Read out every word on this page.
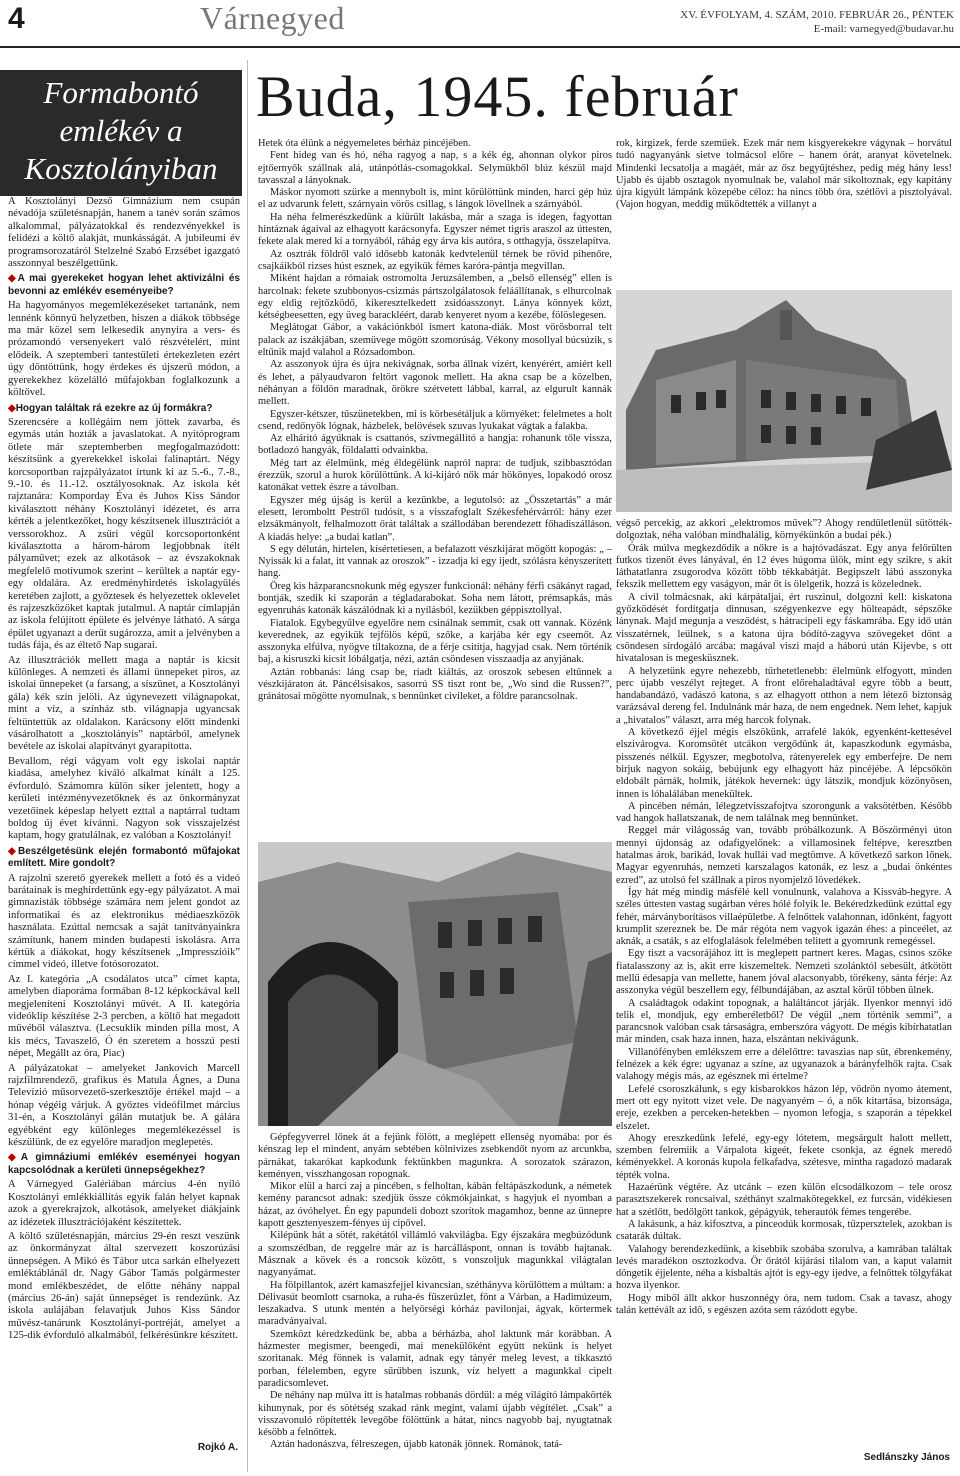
4	Várnegyed	XV. ÉVFOLYAM, 4. SZÁM, 2010. FEBRUÁR 26., PÉNTEK
E-mail: varnegyed@budavar.hu
Formabontó
emlékév a
Kosztolányiban

A Kosztolányi Dezső Gimnázium nem csupán névadója születésnapján, hanem a tanév során számos alkalommal, pályázatokkal és rendezvényekkel is felidézi a költő alakját, munkásságát. A jubileumi év programsorozatáról Stelzelné Szabó Erzsébet igazgató asszonnyal beszélgettünk.

◆ A mai gyerekeket hogyan lehet aktivizálni és bevonni az emlékév eseményeibe?

Ha hagyományos megemlékezéseket tartanánk, nem lennénk könnyű helyzetben, hiszen a diákok többsége ma már közel sem lelkesedik anynyira a vers- és prózamondó versenyekert való részvételért, mint elődeik. A szeptemberi tantestületi értekezleten ezért úgy döntöttünk, hogy érdekes és újszerű módon, a gyerekekhez közelálló műfajokban foglalkozunk a költővel.

◆ Hogyan találtak rá ezekre az új formákra?

Szerencsére a kollégáim nem jöttek zavarba, és egymás után hozták a javaslatokat. A nyitóprogram ötlete már szeptemberben megfogalmazódott: készítsünk a gyerekekkel iskolai falinaptárt. Négy korcsoportban rajzpályázatot írtunk ki az 5.-6., 7.-8., 9.-10. és 11.-12. osztályosoknak. Az iskola két rajztanára: Komporday Éva és Juhos Kiss Sándor kiválasztott néhány Kosztolányi idézetet, és arra kérték a jelentkezőket, hogy készítsenek illusztrációt a verssorokhoz. A zsűri végül korcsoportonként kiválasztotta a három-három legjobbnak ítélt pályaművet; ezek az alkotások – az évszakoknak megfelelő motívumok szerint – kerültek a naptár egy-egy oldalára. Az eredményhirdetés iskolagyűlés keretében zajlott, a győztesek és helyezettek oklevelet és rajzeszközöket kaptak jutalmul. A naptár címlapján az iskola felújított épülete és jelvénye látható. A sárga épület ugyanazt a derűt sugározza, amit a jelvényben a tudás fája, és az éltető Nap sugarai.

Az illusztrációk mellett maga a naptár is kicsit különleges. A nemzeti és állami ünnepeket piros, az iskolai ünnepeket (a farsang, a síszünet, a Kosztolányi gála) kék szín jelöli. Az úgynevezett világnapokat, mint a víz, a színház stb. világnapja ugyancsak feltüntettük az oldalakon. Karácsony előtt mindenki vásárolhatott a „kosztolányis” naptárból, amelynek bevétele az iskolai alapítványt gyarapította.

Bevallom, régi vágyam volt egy iskolai naptár kiadása, amelyhez kiváló alkalmat kínált a 125. évforduló. Számomra külön siker jelentett, hogy a kerületi intézményvezetőknek és az önkormányzat vezetőinek képeslap helyett ezttal a naptárral tudtam boldog új évet kívánni. Nagyon sok visszajelzést kaptam, hogy gratulálnak, ez valóban a Kosztolányi!

◆ Beszélgetésünk elején formabontó műfajokat említett. Mire gondolt?

A rajzolni szerető gyerekek mellett a fotó és a videó barátainak is meghirdettünk egy-egy pályázatot. A mai gimnazisták többsége számára nem jelent gondot az informatikai és az elektronikus médiaeszközök használata. Ezúttal nemcsak a saját tanítványainkra számítunk, hanem minden budapesti iskolásra. Arra kértük a diákokat, hogy készítsenek „Impresszióik” címmel videó, illetve fotósorozatot.

Az I. kategória „A csodálatos utca” címet kapta, amelyben diaporáma formában 8-12 képkockával kell megjeleníteni Kosztolányi művét. A II. kategória videóklip készítése 2-3 percben, a költő hat megadott művéből választva. (Lecsuklik minden pilla most, A kis mécs, Tavaszelő, Ó én szeretem a hosszú pesti népet, Megállt az óra, Piac)

A pályázatokat – amelyeket Jankovich Marcell rajzfilmrendező, grafikus és Matula Ágnes, a Duna Televízió műsorvezető-szerkesztője értékel majd – a hónap végéig várjuk. A győztes videófilmet március 31-én, a Kosztolányi gálán mutatjuk be. A gálára egyébként egy különleges megemlékezéssel is készülünk, de ez egyelőre maradjon meglepetés.

◆ A gimnáziumi emlékév eseményei hogyan kapcsolódnak a kerületi ünnepségekhez?

A Várnegyed Galériában március 4-én nyíló Kosztolányi emlékkiállítás egyik falán helyet kapnak azok a gyerekrajzok, alkotások, amelyeket diákjaink az idézetek illusztrációjaként készítettek.

A költő születésnapján, március 29-én reszt veszünk az önkormányzat által szervezett koszorúzási ünnepségen. A Mikó és Tábor utca sarkán elhelyezett emléktáblánál dr. Nagy Gábor Tamás polgármester mond emlékbeszédet, de előtte néhány nappal (március 26-án) saját ünnepséget is rendezünk. Az iskola aulájában felavatjuk Juhos Kiss Sándor művész-tanárunk Kosztolányi-portréját, amelyet a 125-dik évforduló alkalmából, felkérésünkre készített.

Rojkó A.
Buda, 1945. február

Hetek óta élünk a négyemeletes bérház pincéjében.

Fent hideg van és hó, néha ragyog a nap, s a kék ég, ahonnan olykor piros ejtőernyők szállnak alá, utánpótlás-csomagokkal. Selymükből blúz készül majd tavasszal a lányoknak.

Máskor nyomott szürke a mennybolt is, mint körülöttünk minden, harci gép húz el az udvarunk felett, szárnyain vörös csillag, s lángok lövellnek a szárnyából.

Ha néha felmerészkedünk a kiürült lakásba, már a szaga is idegen, fagyottan hintáznak ágaival az elhagyott karácsonyfa. Egyszer német tigris araszol az úttesten, fekete alak mered ki a tornyából, ráhág egy árva kis autóra, s otthagyja, összelapítva.

Az osztrák földről való idősebb katonák kedvtelenül térnek be rövid pihenőre, csajkáikból rizses húst esznek, az egyikük fémes karóra-pántja megvillan.

Miként hajdan a rómaiak ostromolta Jeruzsálemben, a „belső ellenség” ellen is harcolnak: fekete szubbonyos-csizmás pártszolgálatosok feláállítanak, s elhurcolnak egy eldig rejtőzködő, kikeresztelkedett zsidóasszonyt. Lánya könnyek közt, kétségbeesetten, egy üveg barackléért, darab kenyeret nyom a kezébe, fölöslegesen.

Meglátogat Gábor, a vakációnkból ismert katona-diák. Most vörösborral telt palack az iszákjában, szemüvege mögött szomorúság. Vékony mosollyal búcsúzik, s eltűnik majd valahol a Rózsadombon.

Az asszonyok újra és újra nekivágnak, sorba állnak vízért, kenyérért, amiért kell és lehet, a pályaudvaron feltört vagonok mellett. Ha akna csap be a közelben, néhányan a földön maradnak, örökre szétvetett lábbal, karral, az elgurult kannák mellett.

Egyszer-kétszer, tűszünetekben, mi is körbesétáljuk a környéket: felelmetes a holt csend, redőnyök lógnak, házbelek, belövések szuvas lyukakat vágtak a falakba.

Az elhárító ágyúknak is csattanós, szívmegállító a hangja: rohanunk tőle vissza, botladozó hangyák, földalatti odvainkba.

Még tart az élelmünk, még éldegélünk napról napra: de tudjuk, szibbasztódan érezzük, szorul a hurok körülöttünk. A ki-kijáró nők már hökönyes, lopakodó orosz katonákat vettek észre a távolban.

Egyszer még újság is kerül a kezünkbe, a legutolsó: az „Összetartás” a már elesett, leromboltt Pestről tudósít, s a visszafoglalt Székesfehérvárról: hány ezer elzsákmányolt, felhalmozott őrát találtak a szállodában berendezett főhadiszálláson. A kiadás helye: „a budai katlan”.

S egy délután, hirtelen, kísértetiesen, a befalazott vészkijárat mögött kopogás: „ – Nyissák ki a falat, itt vannak az oroszok” - izzadja ki egy ijedt, szólásra kényszerített hang.

Öreg kis házparancsnokunk még egyszer funkcionál: néhány férfi csákányt ragad, bontják, szedik ki szaporán a tégladarabokat. Soha nem látott, prémsapkás, más egyenruhás katonák kászálódnak ki a nyílásból, kezükben géppisztollyal.

Fiatalok. Egybegyűlve egyelőre nem csinálnak semmit, csak ott vannak. Közénk keverednek, az egyikük tejfölös képű, szőke, a karjába kér egy cseemőt. Az asszonyka elfúlva, nyögve tiltakozna, de a férje csitítja, hagyjad csak. Nem történik baj, a kisruszki kicsit lóbálgatja, nézi, aztán csöndesen visszaadja az anyjának.

Aztán robbanás: láng csap be, riadt kiáltás, az oroszok sebesen eltűnnek a vészkijáraton át. Páncélsisakos, sasorrú SS tiszt ront be, „Wo sind die Russen?”, gránátosai mögötte nyomulnak, s bennünket civileket, a földre parancsolnak.

rok, kirgizek, ferde szeműek. Ezek már nem kisgyerekekre vágynak – horvátul tudó nagyanyánk sietve tolmácsol előre – hanem órát, aranyat követelnek. Mindenki lecsatolja a magáét, már az ősz begyűjtéshez, pedig még hány less! Ujabb és újabb osztagok nyomulnak be, valahol már sikoltoznak, egy kapitány újra kigyúlt lámpánk közepébe céloz: ha nincs több óra, szétlövi a pisztolyával. (Vajon hogyan, meddig működtették a villanyt a

Gépfegyverrel lőnek át a fejünk fölött, a meglépett ellenség nyomába: por és kénszag lep el mindent, anyám sebtében kölnivizes zsebkendőt nyom az arcunkba, párnákat, takarókat kapkodunk fektünkben magunkra. A sorozatok szárazon, keményen, visszhangosan ropognak.

Mikor elül a harci zaj a pincében, s felholtan, kábán feltápászkodunk, a németek kemény parancsot adnak: szedjük össze cókmókjainkat, s hagyjuk el nyomban a házat, az óvóhelyet. Én egy papundeli dobozt szorítok magamhoz, benne az ünnepre kapott gesztenyeszem-fényes új cipővel.

Kilépünk hát a sötét, rakétától villámló vakvilágba. Egy éjszakára megbúzódunk a szomszédban, de reggelre már az is harcálláspont, onnan is tovább hajtanak. Másznak a kövek és a roncsok között, s vonszoljuk magunkkal világtalan nagyanyámat.

Ha fölpillantok, azért kamaszfejjel kivancsian, széthányva körülöttem a múltam: a Délivasút beomlott csarnoka, a ruha-és fűszerüzlet, fönt a Várban, a Hadimúzeum, leszakadva. S utunk mentén a helyörségi kórház pavilonjai, ágyak, körtermek maradványaival.

Szemközt kéredzkedünk be, abba a bérházba, ahol laktunk már korábban. A házmester megismer, beengedi, mai menekülőként együtt nekünk is helyet szoritanak. Még fönnek is valamit, adnak egy tányér meleg levest, a tikkasztó porban, félelemben, egyre sűrűbben iszunk, víz helyett a magunkkal cipelt paradicsomlevet.

De néhány nap múlva itt is hatalmas robbanás dördül: a még világító lámpakörték kihunynak, por és sötétség szakad ránk megint, valami újabb végítélet. „Csak” a visszavonuló röpítették levegőbe fölöttünk a hátat, nincs nagyobb baj, nyugtatnak késöbb a felnőttek.

Aztán hadonászva, félreszegen, újabb katonák jönnek. Románok, tatá-

végső percekig, az akkori „elektromos művek”? Ahogy rendületlenül sütötték-dolgoztak, néha valóban mindhalálig, környékünkön a budai pék.)

Órák múlva megkezdődik a nőkre is a hajtóvadászat. Egy anya felőrülten futkos tizenöt éves lányával, én 12 éves húgoma ülök, mint egy szikre, s akit láthatatlanra zsugorodva között több tékkabátját. Begipszelt lábú asszonyka fekszik mellettem egy vaságyon, már őt is ölelgetik, hozzá is közelednek.

A civil tolmácsnak, aki kárpátaljai, ért ruszinul, dolgozni kell: kiskatona győzködését fordítgatja dinnusan, szégyenkezve egy hölteapádt, sépszőke lánynak. Majd megunja a vesződést, s hátracipeli egy fáskamrába. Egy idő után visszatérnek, leülnek, s a katona újra bódító-zagyva szövegeket dönt a csöndesen sírdogáló arcába: magával viszi majd a háború után Kijevbe, s ott hivatalosan is megesküsznek.

A helyzetünk egyre nehezebb, tűrhetetlenebb: élelmünk elfogyott, minden perc újabb veszélyt rejteget. A front előrehaladtával egyre több a beutt, handabandázó, vadászó katona, s az elhagyott otthon a nem létező biztonság varázsával dereng fel. Indulnánk már haza, de nem engednek. Nem lehet, kapjuk a „hivatalos” választ, arra még harcok folynak.

A következő éjjel mégis elszökünk, arrafelé lakók, egyenként-kettesével elszivárogva. Koromsötét utcákon vergődünk át, kapaszkodunk egymásba, pisszenés nélkül. Egyszer, megbotolva, rátenyerelek egy emberfejre. De nem birjuk nagyon sokáig, bebújunk egy elhagyott ház pincéjébe. A lépcsőkön eldobált párnák, holmik, játékok hevernek: úgy látszik, mondjuk közönyösen, innen is lóhalálában menekültek.

A pincében némán, lélegzetvisszafojtva szorongunk a vaksötétben. Később vad hangok hallatszanak, de nem találnak meg bennünket.

Reggel már világosság van, tovább próbálkozunk. A Böszörményi úton mennyi újdonság az odafigyelőnek: a villamosinek feltépve, keresztben hatalmas árok, barikád, lovak hullái vad megtömve. A következő sarkon lőnek. Magyar egyenruhás, nemzeti karszalagos katonák, ez lesz a „budai önkéntes ezred”, az utolsó fel szállnak a piros nyomjelző lövedékek.

Így hát még mindig másfélé kell vonulnunk, valahova a Kissváb-hegyre. A széles úttesten vastag sugárban véres hólé folyik le. Bekéredzkedünk ezúttal egy fehér, márványborításos villaépületbe. A felnőttek valahonnan, időnként, fagyott krumplit szereznek be. De már régóta nem vagyok igazán éhes: a pinceélet, az aknák, a csaták, s az elfoglalások felelmében telitett a gyomrunk remegéssel.

Egy tiszt a vacsorájához itt is meglepett partnert keres. Magas, csinos szőke fiatalasszony az is, akit erre kiszemeltek. Nemzeti szolánktól sebesült, átkötött mellű édesapja van mellette, hanem jóval alacsonyabb, törékeny, sánta férje: Az asszonyka végül beszellem egy, félbundájában, az asztal körül többen ülnek.

A családtagok odakint topognak, a haláltáncot járják. Ilyenkor mennyi idő telik el, mondjuk, egy emberéletből? De végül „nem történik semmi”, a parancsnok valóban csak társaságra, emberszóra vágyott. De mégis kibírhatatlan már minden, csak haza innen, haza, elszántan nekivágunk.

Villanófényben emlékszem erre a délelőttre: tavaszias nap süt, ébrenkemény, felnézek a kék égre: ugyanaz a színe, az ugyanazok a bárányfelhők rajta. Csak valahogy mégis más, az egésznek mi értelme?

Lefelé csoroszkálunk, s egy kisbarokkos házon lép, vödrön nyomo átement, mert ott egy nyitott vizet vele. De nagyanyém – ó, a nők kitartása, bizonsága, ereje, ezekben a perceken-hetekben – nyomon lefogja, s szaporán a tépekkel elszelet.

Ahogy ereszkedünk lefelé, egy-egy lótetem, megsárgult halott mellett, szemben felremiik a Várpalota kigeét, fekete csonkja, az égnek meredő kéményekkel. A koronás kupola felkafadva, szétesve, mintha ragadozó madarak tépték volna.

Hazaérünk végtére. Az utcánk – ezen külön elcsodálkozom – tele orosz parasztszekerek roncsaival, széthányt szalmakötegekkel, ez furcsán, vidékiesen hat a szétlőtt, bedőlgött tankok, gépágyúk, teherautók fémes tengerébe.

A lakásunk, a ház kifosztva, a pinceodúk kormosak, tűzpersztelek, azokban is csatarák dúltak.

Valahogy berendezkedünk, a kisebbik szobába szorulva, a kamrában találtak levés maradékon osztozkodva. Ör őrától kijárási tilalom van, a kaput valamit döngetik éjjelente, néha a kisbaltás ajtót is egy-egy ijedve, a felnőttek tölgyfákat hozva ilyenkor.

Hogy miből állt akkor huszonnégy óra, nem tudom. Csak a tavasz, ahogy talán kettévált az idő, s egészen azóta sem rázódott egybe.

Sedlánszky János
